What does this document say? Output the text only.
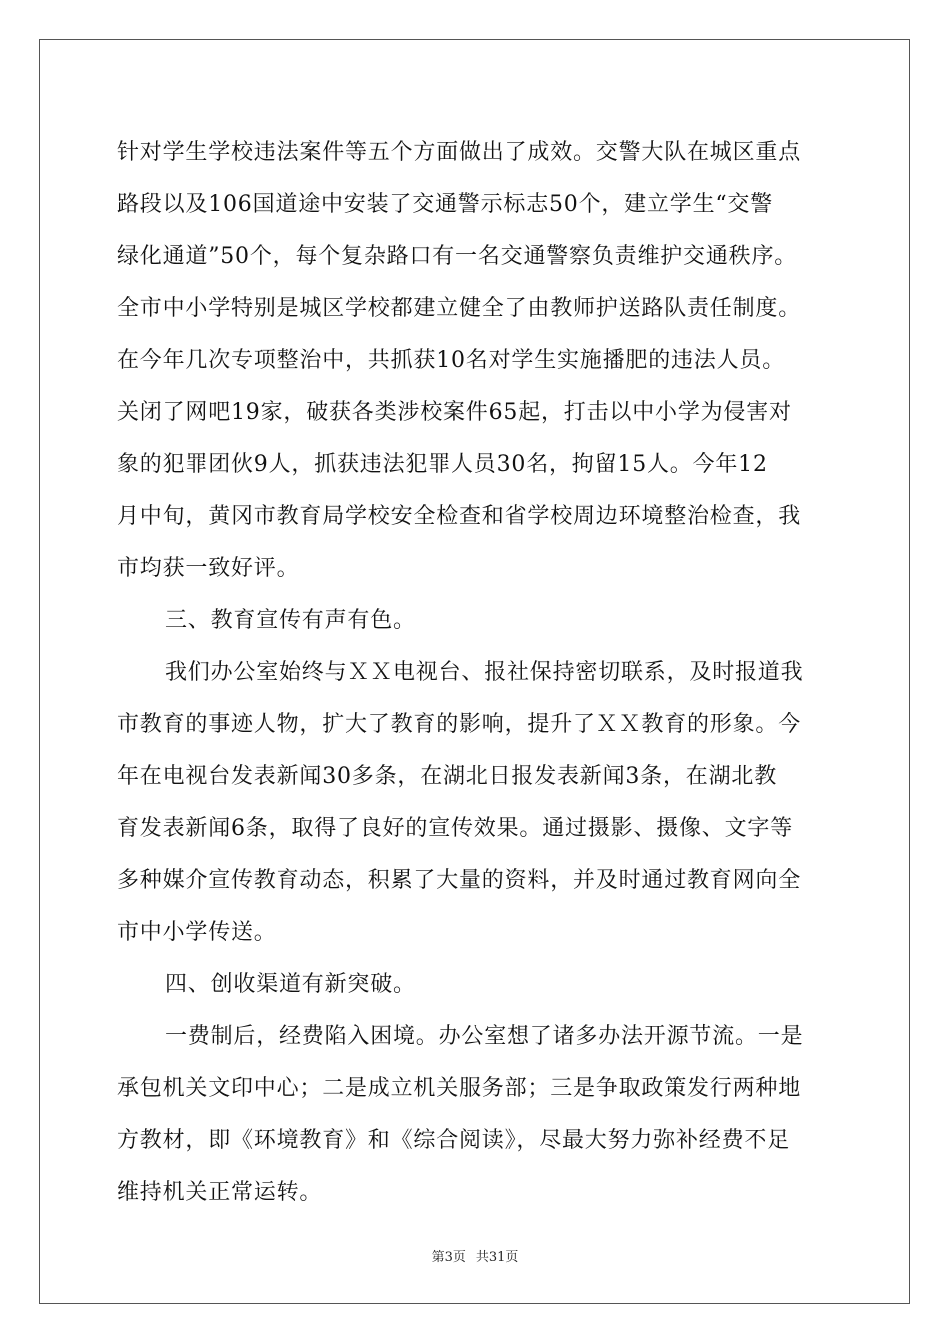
针对学生学校违法案件等五个方面做出了成效。交警大队在城区重点
路段以及106国道途中安装了交通警示标志50个，建立学生“交警
绿化通道”50个，每个复杂路口有一名交通警察负责维护交通秩序。
全市中小学特别是城区学校都建立健全了由教师护送路队责任制度。
在今年几次专项整治中，共抓获10名对学生实施播肥的违法人员。
关闭了网吧19家，破获各类涉校案件65起，打击以中小学为侵害对
象的犯罪团伙9人，抓获违法犯罪人员30名，拘留15人。今年12
月中旬，黄冈市教育局学校安全检查和省学校周边环境整治检查，我
市均获一致好评。
三、教育宣传有声有色。
我们办公室始终与ＸＸ电视台、报社保持密切联系，及时报道我
市教育的事迹人物，扩大了教育的影响，提升了ＸＸ教育的形象。今
年在电视台发表新闻30多条，在湖北日报发表新闻3条，在湖北教
育发表新闻6条，取得了良好的宣传效果。通过摄影、摄像、文字等
多种媒介宣传教育动态，积累了大量的资料，并及时通过教育网向全
市中小学传送。
四、创收渠道有新突破。
一费制后，经费陷入困境。办公室想了诸多办法开源节流。一是
承包机关文印中心；二是成立机关服务部；三是争取政策发行两种地
方教材，即《环境教育》和《综合阅读》，尽最大努力弥补经费不足
维持机关正常运转。
第3页 共31页
